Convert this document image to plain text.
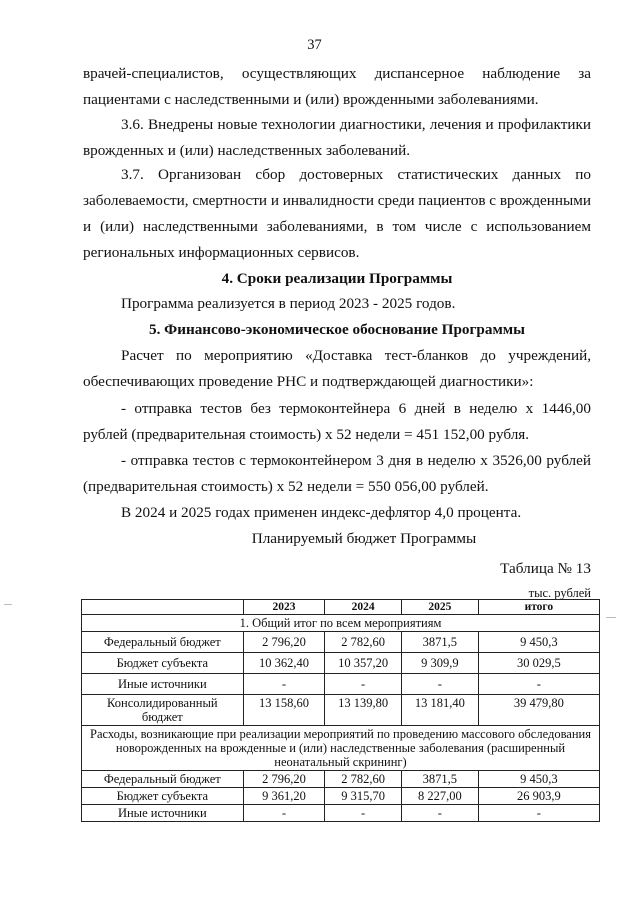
37
врачей-специалистов, осуществляющих диспансерное наблюдение за пациентами с наследственными и (или) врожденными заболеваниями.
3.6. Внедрены новые технологии диагностики, лечения и профилактики врожденных и (или) наследственных заболеваний.
3.7. Организован сбор достоверных статистических данных по заболеваемости, смертности и инвалидности среди пациентов с врожденными и (или) наследственными заболеваниями, в том числе с использованием региональных информационных сервисов.
4. Сроки реализации Программы
Программа реализуется в период 2023 - 2025 годов.
5. Финансово-экономическое обоснование Программы
Расчет по мероприятию «Доставка тест-бланков до учреждений, обеспечивающих проведение РНС и подтверждающей диагностики»:
- отправка тестов без термоконтейнера 6 дней в неделю x 1446,00 рублей (предварительная стоимость) x 52 недели = 451 152,00 рубля.
- отправка тестов с термоконтейнером 3 дня в неделю x 3526,00 рублей (предварительная стоимость) x 52 недели = 550 056,00 рублей.
В 2024 и 2025 годах применен индекс-дефлятор 4,0 процента.
Планируемый бюджет Программы
Таблица № 13
тыс. рублей
	2023	2024	2025	итого
1. Общий итог по всем мероприятиям				
Федеральный бюджет	2 796,20	2 782,60	3871,5	9 450,3
Бюджет субъекта	10 362,40	10 357,20	9 309,9	30 029,5
Иные источники	-	-	-	-
Консолидированный бюджет	13 158,60	13 139,80	13 181,40	39 479,80
Расходы, возникающие при реализации мероприятий по проведению массового обследования новорожденных на врожденные и (или) наследственные заболевания (расширенный неонатальный скрининг)				
Федеральный бюджет	2 796,20	2 782,60	3871,5	9 450,3
Бюджет субъекта	9 361,20	9 315,70	8 227,00	26 903,9
Иные источники	-	-	-	-
